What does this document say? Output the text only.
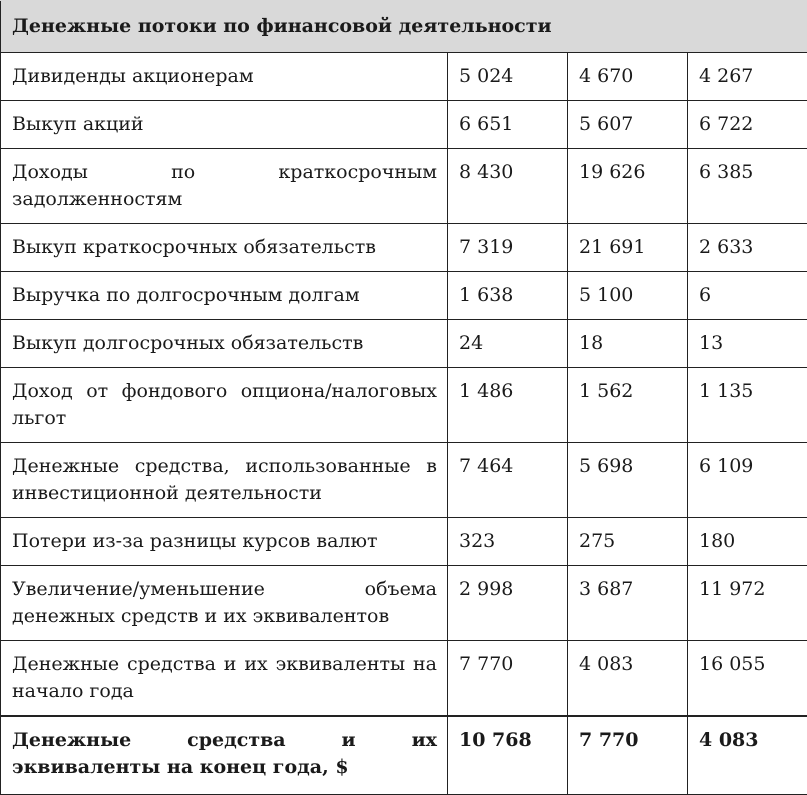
Денежные потоки по финансовой деятельности			
Дивиденды акционерам	5 024	4 670	4 267
Выкуп акций	6 651	5 607	6 722
Доходы по краткосрочным задолженностям	8 430	19 626	6 385
Выкуп краткосрочных обязательств	7 319	21 691	2 633
Выручка по долгосрочным долгам	1 638	5 100	6
Выкуп долгосрочных обязательств	24	18	13
Доход от фондового опциона/налоговых льгот	1 486	1 562	1 135
Денежные средства, использованные в инвестиционной деятельности	7 464	5 698	6 109
Потери из-за разницы курсов валют	323	275	180
Увеличение/уменьшение объема денежных средств и их эквивалентов	2 998	3 687	11 972
Денежные средства и их эквиваленты на начало года	7 770	4 083	16 055
Денежные средства и их эквиваленты на конец года, $	10 768	7 770	4 083
